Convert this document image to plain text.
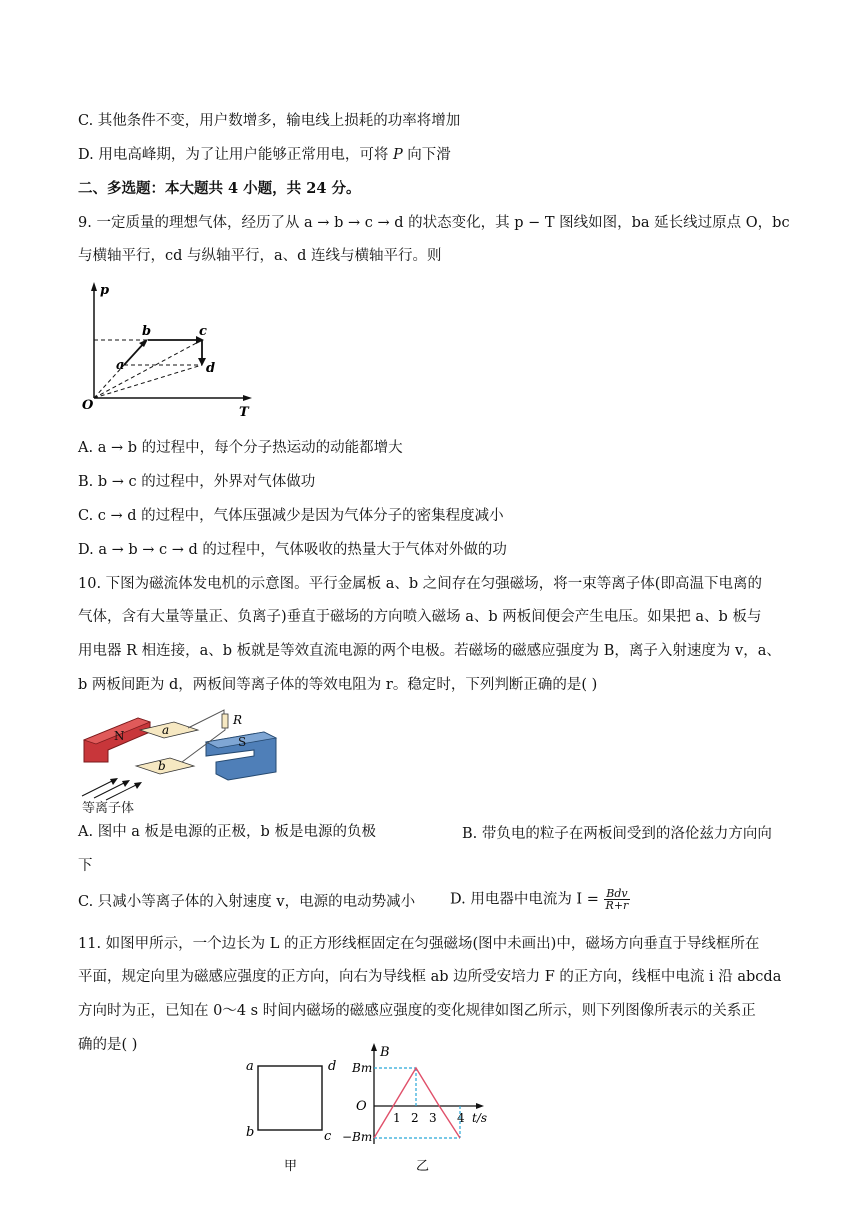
C. 其他条件不变，用户数增多，输电线上损耗的功率将增加
D. 用电高峰期，为了让用户能够正常用电，可将 P 向下滑
二、多选题：本大题共 4 小题，共 24 分。
9. 一定质量的理想气体，经历了从 a → b → c → d 的状态变化，其 p − T 图线如图，ba 延长线过原点 O，bc
与横轴平行，cd 与纵轴平行，a、d 连线与横轴平行。则
p
T
O
a
b	c
d
A. a → b 的过程中，每个分子热运动的动能都增大
B. b → c 的过程中，外界对气体做功
C. c → d 的过程中，气体压强减少是因为气体分子的密集程度减小
D. a → b → c → d 的过程中，气体吸收的热量大于气体对外做的功
10. 下图为磁流体发电机的示意图。平行金属板 a、b 之间存在匀强磁场，将一束等离子体(即高温下电离的
气体，含有大量等量正、负离子)垂直于磁场的方向喷入磁场 a、b 两板间便会产生电压。如果把 a、b 板与
用电器 R 相连接，a、b 板就是等效直流电源的两个电极。若磁场的磁感应强度为 B，离子入射速度为 v，a、
b 两板间距为 d，两板间等离子体的等效电阻为 r。稳定时，下列判断正确的是( )
N	S
a
b
R
等离子体
A. 图中 a 板是电源的正极，b 板是电源的负极	B. 带负电的粒子在两板间受到的洛伦兹力方向向
下
C. 只减小等离子体的入射速度 v，电源的电动势减小 D. 用电器中电流为 $I = \frac{\text{Bdv}}{R+r}$
11. 如图甲所示，一个边长为 L 的正方形线框固定在匀强磁场(图中未画出)中，磁场方向垂直于导线框所在
平面，规定向里为磁感应强度的正方向，向右为导线框 ab 边所受安培力 F 的正方向，线框中电流 i 沿 abcda
方向时为正，已知在 0～4 s 时间内磁场的磁感应强度的变化规律如图乙所示，则下列图像所表示的关系正
确的是( )
a	d
b	c
甲
B
O
Bm
−Bm
t/s
1 2 3 4
乙
